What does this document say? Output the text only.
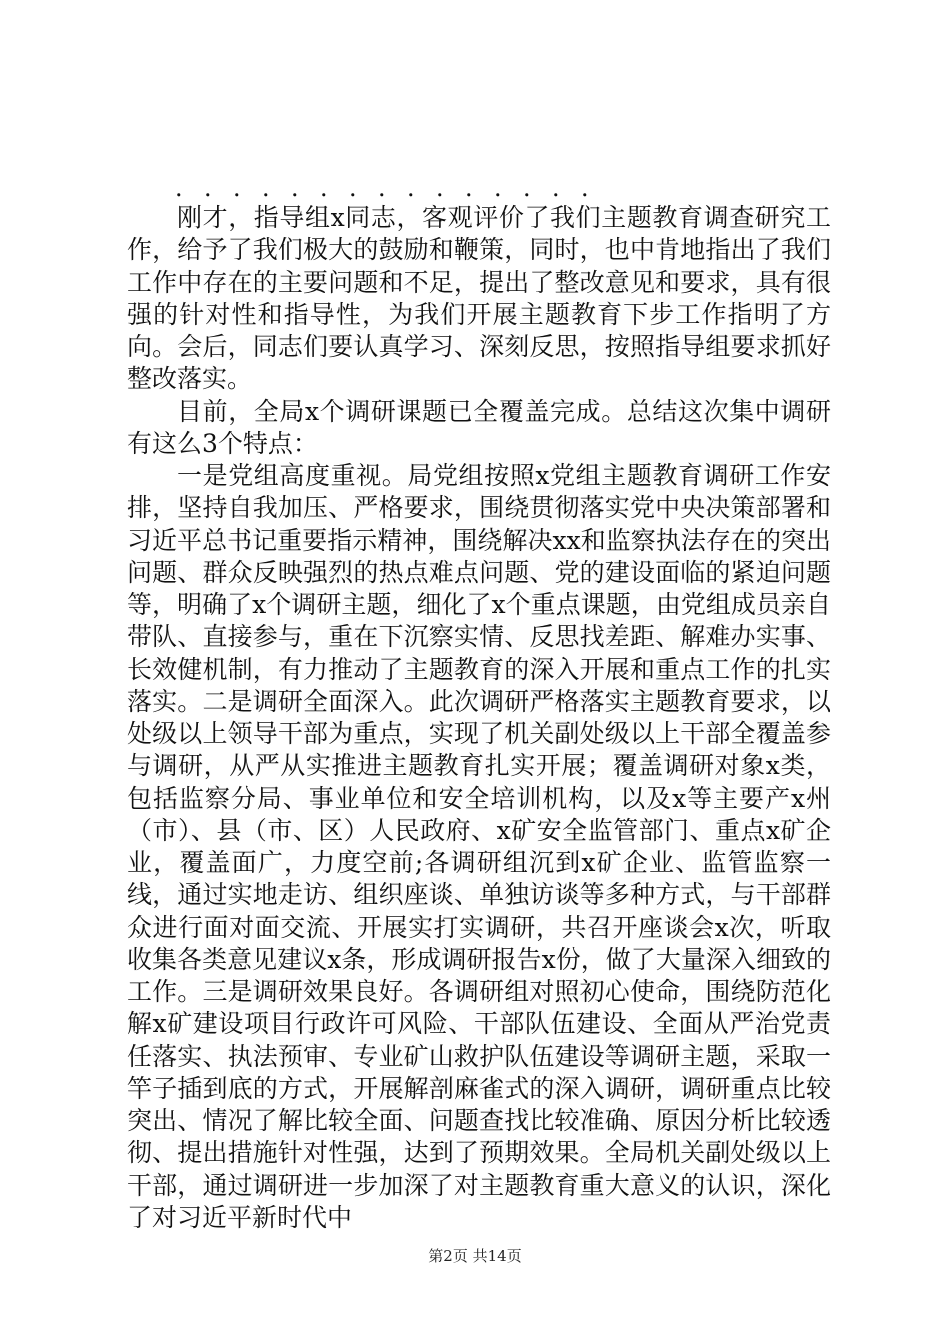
．．．．．．．．．．．．．．．

刚才，指导组x同志，客观评价了我们主题教育调查研究工作，给予了我们极大的鼓励和鞭策，同时，也中肯地指出了我们工作中存在的主要问题和不足，提出了整改意见和要求，具有很强的针对性和指导性，为我们开展主题教育下步工作指明了方向。会后，同志们要认真学习、深刻反思，按照指导组要求抓好整改落实。

目前，全局x个调研课题已全覆盖完成。总结这次集中调研有这么3个特点：

一是党组高度重视。局党组按照x党组主题教育调研工作安排，坚持自我加压、严格要求，围绕贯彻落实党中央决策部署和习近平总书记重要指示精神，围绕解决xx和监察执法存在的突出问题、群众反映强烈的热点难点问题、党的建设面临的紧迫问题等，明确了x个调研主题，细化了x个重点课题，由党组成员亲自带队、直接参与，重在下沉察实情、反思找差距、解难办实事、长效健机制，有力推动了主题教育的深入开展和重点工作的扎实落实。二是调研全面深入。此次调研严格落实主题教育要求，以处级以上领导干部为重点，实现了机关副处级以上干部全覆盖参与调研，从严从实推进主题教育扎实开展；覆盖调研对象x类，包括监察分局、事业单位和安全培训机构，以及x等主要产x州（市）、县（市、区）人民政府、x矿安全监管部门、重点x矿企业，覆盖面广，力度空前;各调研组沉到x矿企业、监管监察一线，通过实地走访、组织座谈、单独访谈等多种方式，与干部群众进行面对面交流、开展实打实调研，共召开座谈会x次，听取收集各类意见建议x条，形成调研报告x份，做了大量深入细致的工作。三是调研效果良好。各调研组对照初心使命，围绕防范化解x矿建设项目行政许可风险、干部队伍建设、全面从严治党责任落实、执法预审、专业矿山救护队伍建设等调研主题，采取一竿子插到底的方式，开展解剖麻雀式的深入调研，调研重点比较突出、情况了解比较全面、问题查找比较准确、原因分析比较透彻、提出措施针对性强，达到了预期效果。全局机关副处级以上干部，通过调研进一步加深了对主题教育重大意义的认识，深化了对习近平新时代中

第2页 共14页
